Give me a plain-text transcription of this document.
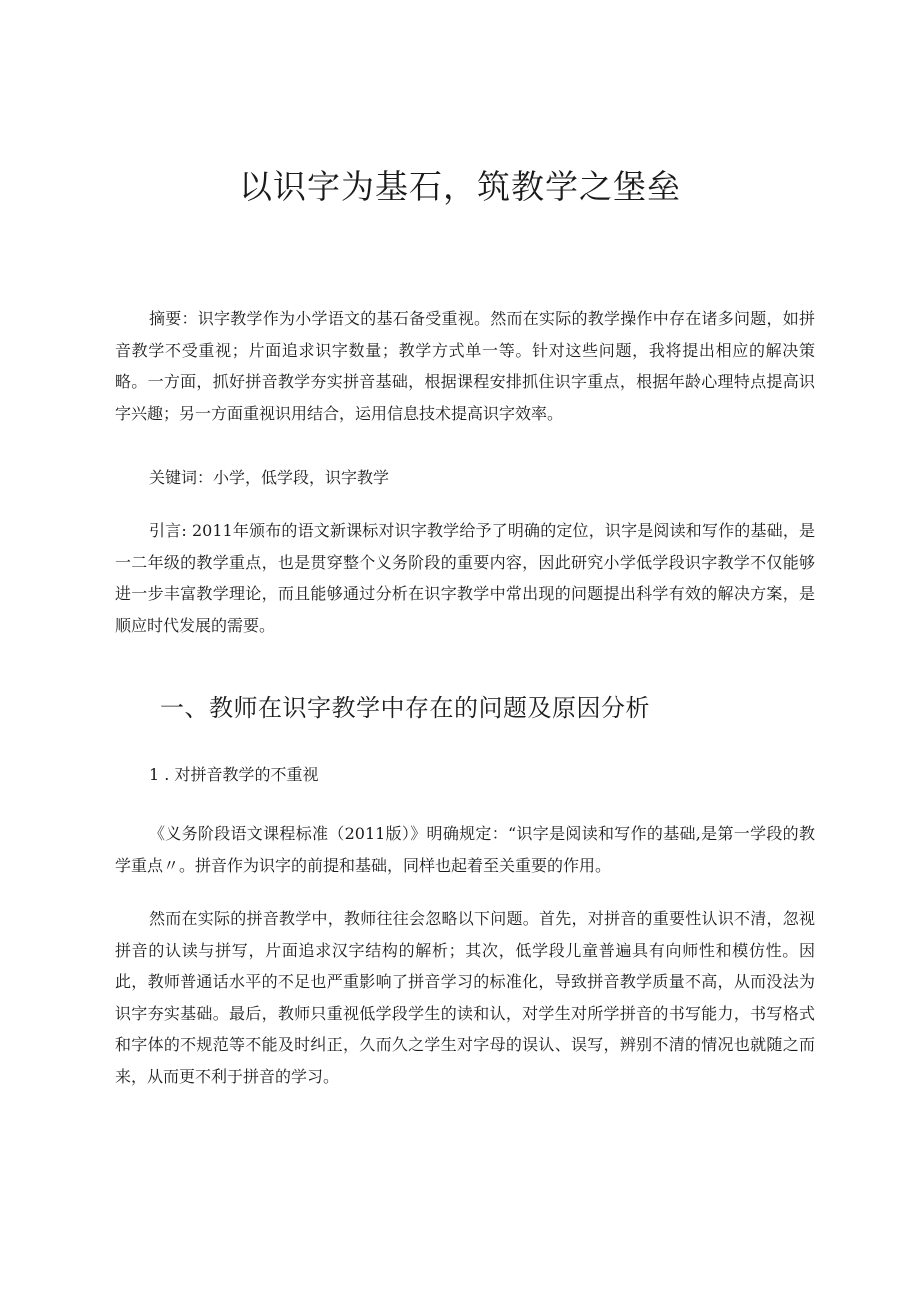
以识字为基石，筑教学之堡垒

摘要：识字教学作为小学语文的基石备受重视。然而在实际的教学操作中存在诸多问题，如拼音教学不受重视；片面追求识字数量；教学方式单一等。针对这些问题，我将提出相应的解决策略。一方面，抓好拼音教学夯实拼音基础，根据课程安排抓住识字重点，根据年龄心理特点提高识字兴趣；另一方面重视识用结合，运用信息技术提高识字效率。

关键词：小学，低学段，识字教学

引言: 2011年颁布的语文新课标对识字教学给予了明确的定位，识字是阅读和写作的基础，是一二年级的教学重点，也是贯穿整个义务阶段的重要内容，因此研究小学低学段识字教学不仅能够进一步丰富教学理论，而且能够通过分析在识字教学中常出现的问题提出科学有效的解决方案，是顺应时代发展的需要。

一、教师在识字教学中存在的问题及原因分析
1 . 对拼音教学的不重视

《义务阶段语文课程标准（2011版）》明确规定：“识字是阅读和写作的基础,是第一学段的教学重点〃。拼音作为识字的前提和基础，同样也起着至关重要的作用。

然而在实际的拼音教学中，教师往往会忽略以下问题。首先，对拼音的重要性认识不清，忽视拼音的认读与拼写，片面追求汉字结构的解析；其次，低学段儿童普遍具有向师性和模仿性。因此，教师普通话水平的不足也严重影响了拼音学习的标准化，导致拼音教学质量不高，从而没法为识字夯实基础。最后，教师只重视低学段学生的读和认，对学生对所学拼音的书写能力，书写格式和字体的不规范等不能及时纠正，久而久之学生对字母的误认、误写，辨别不清的情况也就随之而来，从而更不利于拼音的学习。
